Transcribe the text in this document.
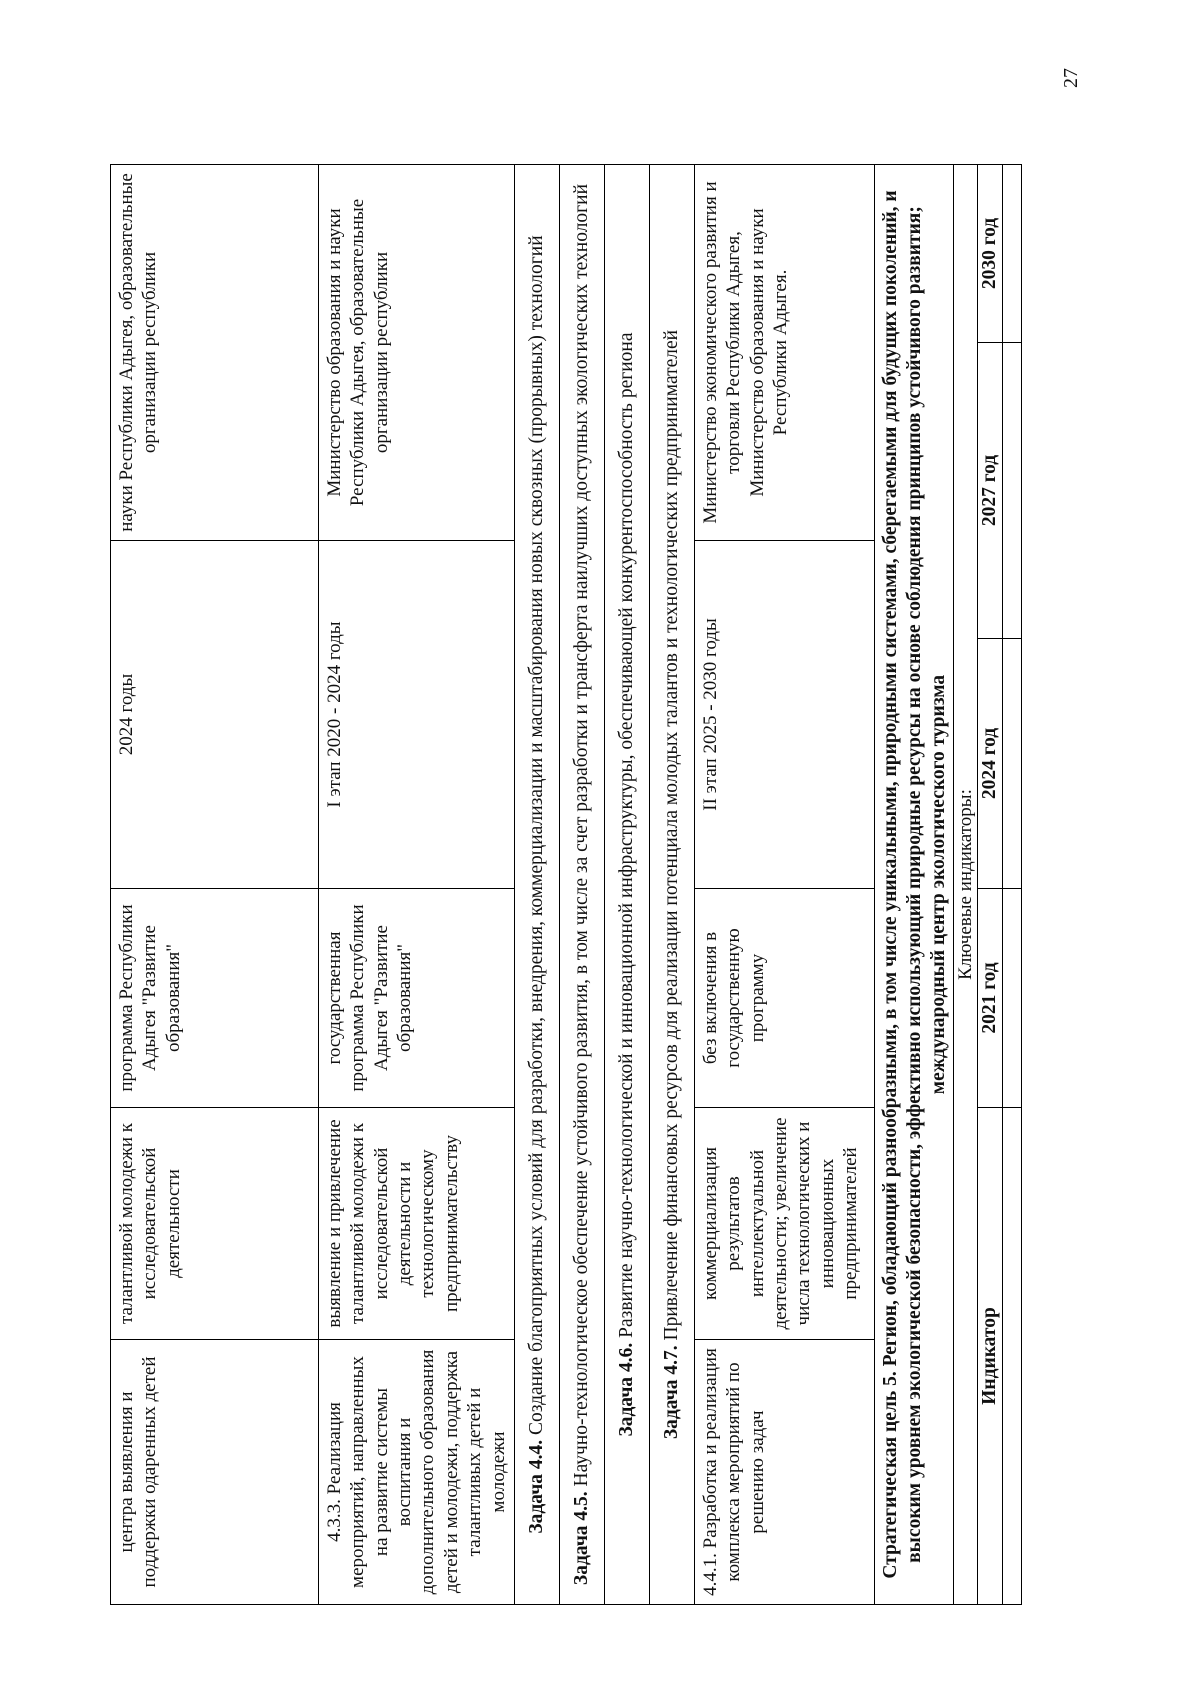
27
центра выявления и поддержки одаренных детей	талантливой молодежи к исследовательской деятельности	программа Республики Адыгея "Развитие образования"	2024 годы		науки Республики Адыгея, образовательные организации республики	
4.3.3. Реализация мероприятий, направленных на развитие системы воспитания и дополнительного образования детей и молодежи, поддержка талантливых детей и молодежи	выявление и привлечение талантливой молодежи к исследовательской деятельности и технологическому предпринимательству	государственная программа Республики Адыгея "Развитие образования"	I этап 2020 - 2024 годы		Министерство образования и науки Республики Адыгея, образовательные организации республики	
Задача 4.4. Создание благоприятных условий для разработки, внедрения, коммерциализации и масштабирования новых сквозных (прорывных) технологий						
Задача 4.5. Научно-технологическое обеспечение устойчивого развития, в том числе за счет разработки и трансферта наилучших доступных экологических технологий						
Задача 4.6. Развитие научно-технологической и инновационной инфраструктуры, обеспечивающей конкурентоспособность региона						
Задача 4.7. Привлечение финансовых ресурсов для реализации потенциала молодых талантов и технологических предпринимателей						
4.4.1. Разработка и реализация комплекса мероприятий по решению задач	коммерциализация результатов интеллектуальной деятельности; увеличение числа технологических и инновационных предпринимателей	без включения в государственную программу	II этап 2025 - 2030 годы		Министерство экономического развития и торговли Республики Адыгея, Министерство образования и науки Республики Адыгея.	
Стратегическая цель 5. Регион, обладающий разнообразными, в том числе уникальными, природными системами, сберегаемыми для будущих поколений, и высоким уровнем экологической безопасности, эффективно использующий природные ресурсы на основе соблюдения принципов устойчивого развития; международный центр экологического туризма						
Ключевые индикаторы:						
Индикатор		2021 год	2024 год	2027 год		2030 год
